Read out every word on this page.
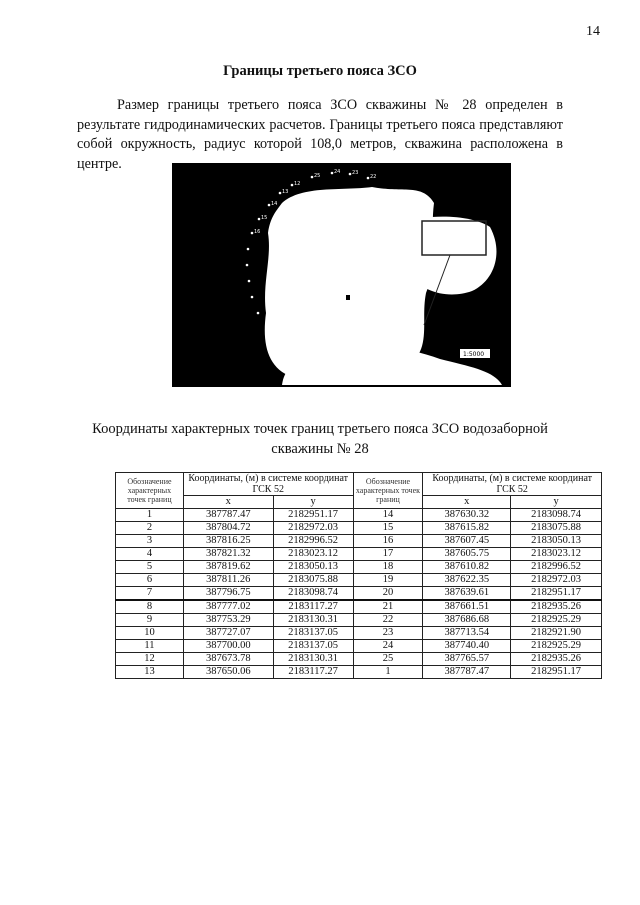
14
Границы третьего пояса ЗСО
Размер границы третьего пояса ЗСО скважины № 28 определен в результате гидродинамических расчетов. Границы третьего пояса представляют собой окружность, радиус которой 108,0 метров, скважина расположена в центре.
12
13
14
15
16
25
24 23
22
1:5000
Координаты характерных точек границ третьего пояса ЗСО водозаборной скважины № 28
Обозначение характерных точек границ	Координаты, (м) в системе координат ГСК 52		Обозначение характерных точек границ	Координаты, (м) в системе координат ГСК 52	
	x	y		x	y
1	387787.47	2182951.17	14	387630.32	2183098.74
2	387804.72	2182972.03	15	387615.82	2183075.88
3	387816.25	2182996.52	16	387607.45	2183050.13
4	387821.32	2183023.12	17	387605.75	2183023.12
5	387819.62	2183050.13	18	387610.82	2182996.52
6	387811.26	2183075.88	19	387622.35	2182972.03
7	387796.75	2183098.74	20	387639.61	2182951.17
8	387777.02	2183117.27	21	387661.51	2182935.26
9	387753.29	2183130.31	22	387686.68	2182925.29
10	387727.07	2183137.05	23	387713.54	2182921.90
11	387700.00	2183137.05	24	387740.40	2182925.29
12	387673.78	2183130.31	25	387765.57	2182935.26
13	387650.06	2183117.27	1	387787.47	2182951.17
